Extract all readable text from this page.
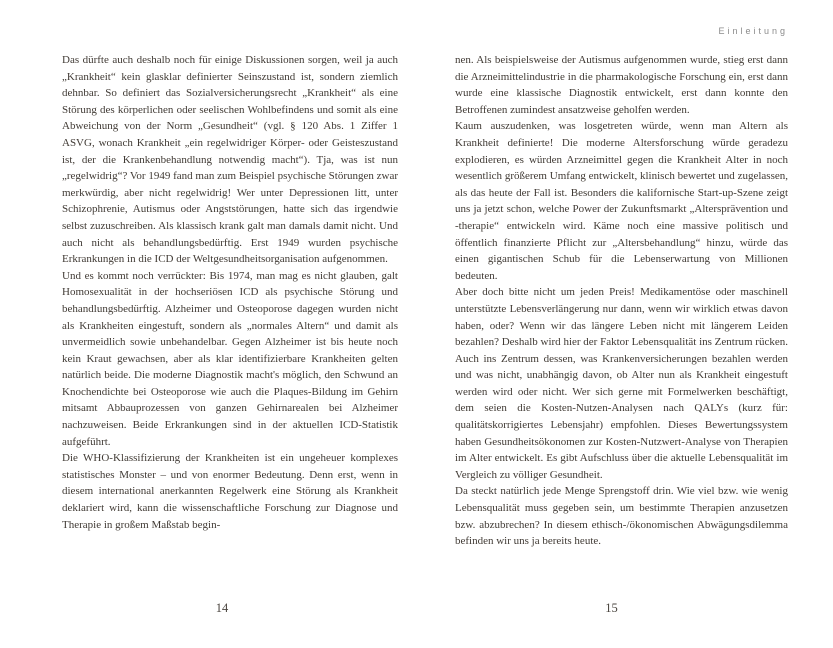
Einleitung

Das dürfte auch deshalb noch für einige Diskussionen sorgen, weil ja auch „Krankheit“ kein glasklar definierter Seinszustand ist, sondern ziemlich dehnbar. So definiert das Sozialversicherungsrecht „Krankheit“ als eine Störung des körperlichen oder seelischen Wohlbefindens und somit als eine Abweichung von der Norm „Gesundheit“ (vgl. § 120 Abs. 1 Ziffer 1 ASVG, wonach Krankheit „ein regelwidriger Körper- oder Geisteszustand ist, der die Krankenbehandlung notwendig macht“). Tja, was ist nun „regelwidrig“? Vor 1949 fand man zum Beispiel psychische Störungen zwar merkwürdig, aber nicht regelwidrig! Wer unter Depressionen litt, unter Schizophrenie, Autismus oder Angststörungen, hatte sich das irgendwie selbst zuzuschreiben. Als klassisch krank galt man damals damit nicht. Und auch nicht als behandlungsbedürftig. Erst 1949 wurden psychische Erkrankungen in die ICD der Weltgesundheitsorganisation aufgenommen.

Und es kommt noch verrückter: Bis 1974, man mag es nicht glauben, galt Homosexualität in der hochseriösen ICD als psychische Störung und behandlungsbedürftig. Alzheimer und Osteoporose dagegen wurden nicht als Krankheiten eingestuft, sondern als „normales Altern“ und damit als unvermeidlich sowie unbehandelbar. Gegen Alzheimer ist bis heute noch kein Kraut gewachsen, aber als klar identifizierbare Krankheiten gelten natürlich beide. Die moderne Diagnostik macht's möglich, den Schwund an Knochendichte bei Osteoporose wie auch die Plaques-Bildung im Gehirn mitsamt Abbauprozessen von ganzen Gehirnarealen bei Alzheimer nachzuweisen. Beide Erkrankungen sind in der aktuellen ICD-Statistik aufgeführt.

Die WHO-Klassifizierung der Krankheiten ist ein ungeheuer komplexes statistisches Monster – und von enormer Bedeutung. Denn erst, wenn in diesem international anerkannten Regelwerk eine Störung als Krankheit deklariert wird, kann die wissenschaftliche Forschung zur Diagnose und Therapie in großem Maßstab begin-

nen. Als beispielsweise der Autismus aufgenommen wurde, stieg erst dann die Arzneimittelindustrie in die pharmakologische Forschung ein, erst dann wurde eine klassische Diagnostik entwickelt, erst dann konnte den Betroffenen zumindest ansatzweise geholfen werden.

Kaum auszudenken, was losgetreten würde, wenn man Altern als Krankheit definierte! Die moderne Altersforschung würde geradezu explodieren, es würden Arzneimittel gegen die Krankheit Alter in noch wesentlich größerem Umfang entwickelt, klinisch bewertet und zugelassen, als das heute der Fall ist. Besonders die kalifornische Start-up-Szene zeigt uns ja jetzt schon, welche Power der Zukunftsmarkt „Altersprävention und -therapie“ entwickeln wird. Käme noch eine massive politisch und öffentlich finanzierte Pflicht zur „Altersbehandlung“ hinzu, würde das einen gigantischen Schub für die Lebenserwartung von Millionen bedeuten.

Aber doch bitte nicht um jeden Preis! Medikamentöse oder maschinell unterstützte Lebensverlängerung nur dann, wenn wir wirklich etwas davon haben, oder? Wenn wir das längere Leben nicht mit längerem Leiden bezahlen? Deshalb wird hier der Faktor Lebensqualität ins Zentrum rücken. Auch ins Zentrum dessen, was Krankenversicherungen bezahlen werden und was nicht, unabhängig davon, ob Alter nun als Krankheit eingestuft werden wird oder nicht. Wer sich gerne mit Formelwerken beschäftigt, dem seien die Kosten-Nutzen-Analysen nach QALYs (kurz für: qualitätskorrigiertes Lebensjahr) empfohlen. Dieses Bewertungssystem haben Gesundheitsökonomen zur Kosten-Nutzwert-Analyse von Therapien im Alter entwickelt. Es gibt Aufschluss über die aktuelle Lebensqualität im Vergleich zu völliger Gesundheit.

Da steckt natürlich jede Menge Sprengstoff drin. Wie viel bzw. wie wenig Lebensqualität muss gegeben sein, um bestimmte Therapien anzusetzen bzw. abzubrechen? In diesem ethisch-/ökonomischen Abwägungsdilemma befinden wir uns ja bereits heute.

14	15
